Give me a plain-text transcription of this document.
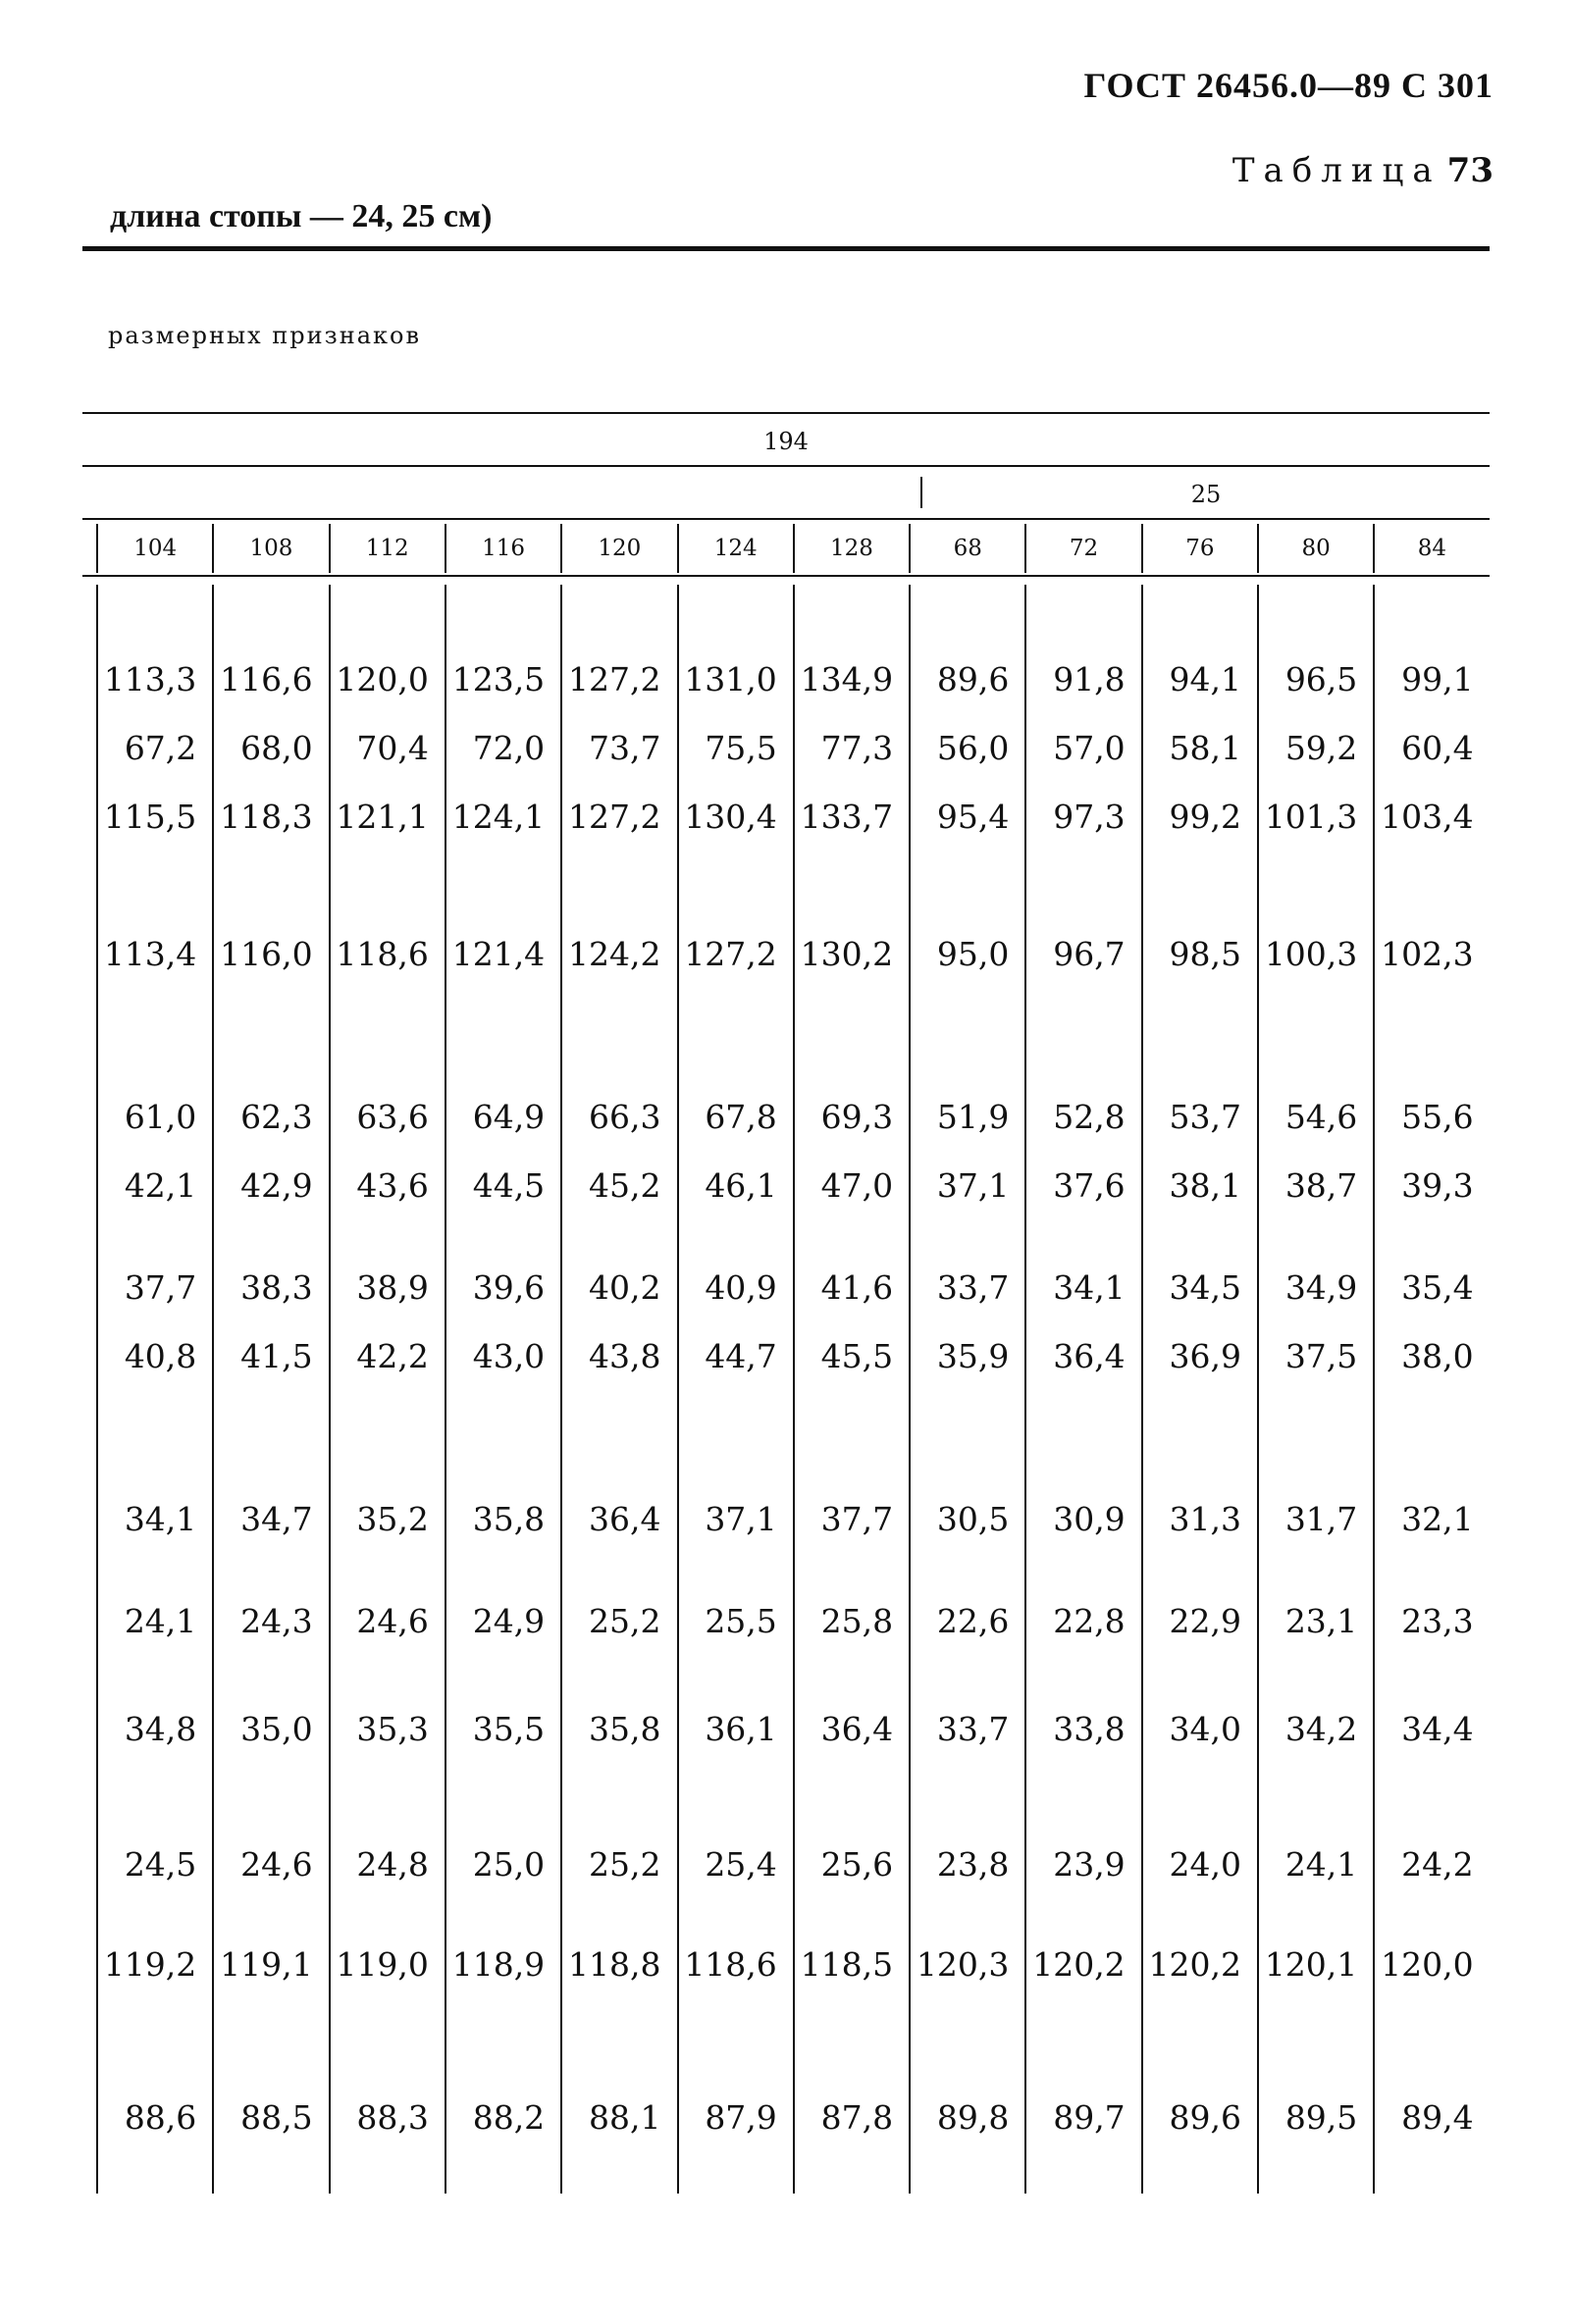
ГОСТ 26456.0—89 С 301
Таблица 73
длина стопы — 24, 25 см)
размерных признаков
194
25
104	108	112	116	120	124	128	68	72	76	80	84
113,3 116,6 120,0 123,5 127,2 131,0 134,9	89,6	91,8	94,1	96,5	99,1
67,2	68,0	70,4	72,0	73,7	75,5	77,3	56,0	57,0	58,1	59,2	60,4
115,5 118,3 121,1 124,1 127,2 130,4 133,7	95,4	97,3	99,2 101,3 103,4
113,4 116,0 118,6 121,4 124,2 127,2 130,2	95,0	96,7	98,5 100,3 102,3
61,0	62,3	63,6	64,9	66,3	67,8	69,3	51,9	52,8	53,7	54,6	55,6
42,1	42,9	43,6	44,5	45,2	46,1	47,0	37,1	37,6	38,1	38,7	39,3
37,7	38,3	38,9	39,6	40,2	40,9	41,6	33,7	34,1	34,5	34,9	35,4
40,8	41,5	42,2	43,0	43,8	44,7	45,5	35,9	36,4	36,9	37,5	38,0
34,1	34,7	35,2	35,8	36,4	37,1	37,7	30,5	30,9	31,3	31,7	32,1
24,1	24,3	24,6	24,9	25,2	25,5	25,8	22,6	22,8	22,9	23,1	23,3
34,8	35,0	35,3	35,5	35,8	36,1	36,4	33,7	33,8	34,0	34,2	34,4
24,5	24,6	24,8	25,0	25,2	25,4	25,6	23,8	23,9	24,0	24,1	24,2
119,2 119,1 119,0 118,9 118,8 118,6 118,5 120,3 120,2 120,2 120,1 120,0
88,6	88,5	88,3	88,2	88,1	87,9	87,8	89,8	89,7	89,6	89,5	89,4
